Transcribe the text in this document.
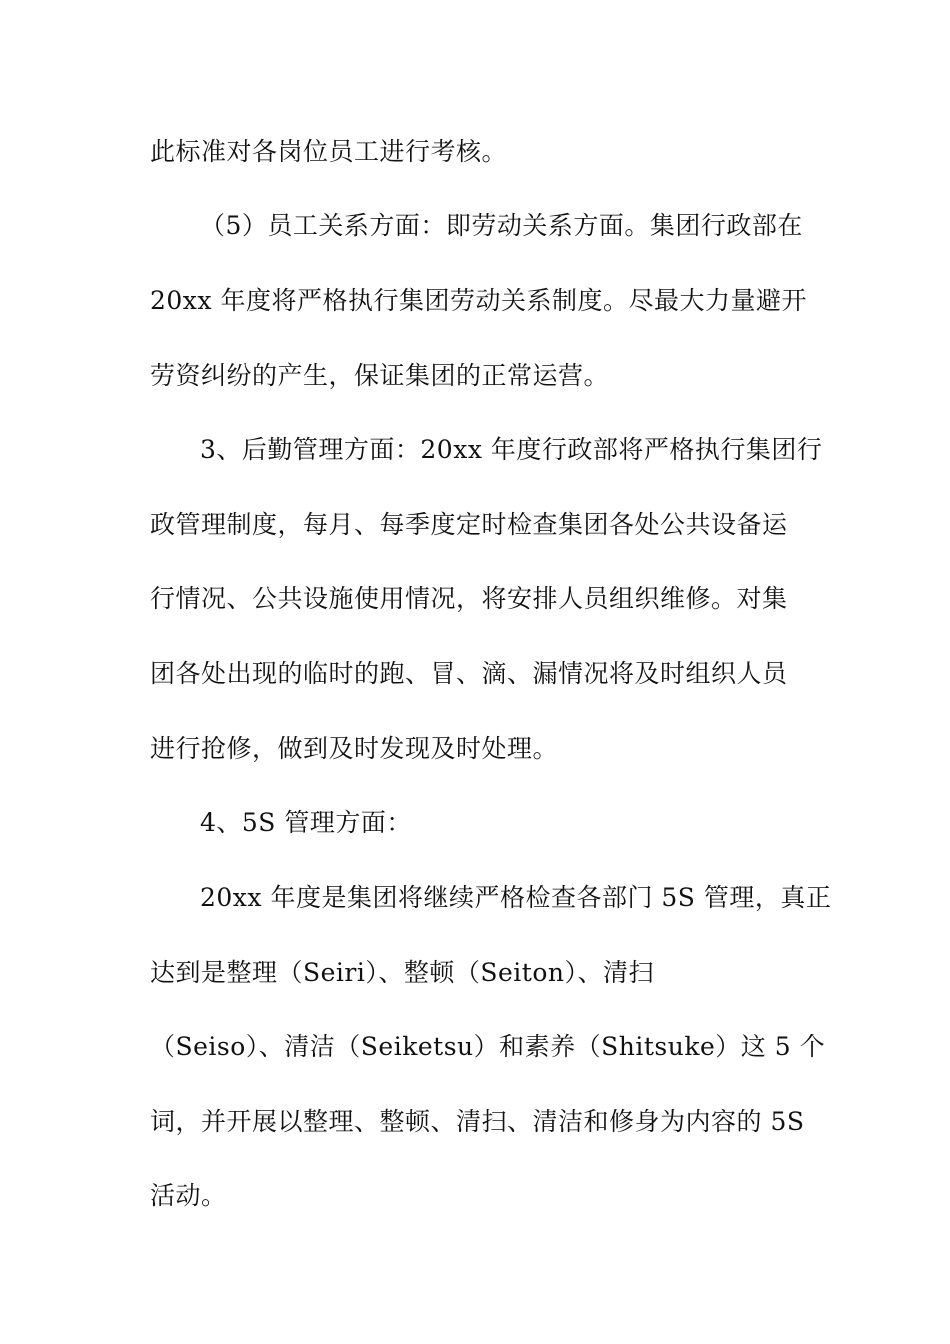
此标准对各岗位员工进行考核。
（5）员工关系方面：即劳动关系方面。集团行政部在
20xx 年度将严格执行集团劳动关系制度。尽最大力量避开
劳资纠纷的产生，保证集团的正常运营。
3、后勤管理方面：20xx 年度行政部将严格执行集团行
政管理制度，每月、每季度定时检查集团各处公共设备运
行情况、公共设施使用情况，将安排人员组织维修。对集
团各处出现的临时的跑、冒、滴、漏情况将及时组织人员
进行抢修，做到及时发现及时处理。
4、5S 管理方面：
20xx 年度是集团将继续严格检查各部门 5S 管理，真正
达到是整理（Seiri）、整顿（Seiton）、清扫
（Seiso）、清洁（Seiketsu）和素养（Shitsuke）这 5 个
词，并开展以整理、整顿、清扫、清洁和修身为内容的 5S
活动。
